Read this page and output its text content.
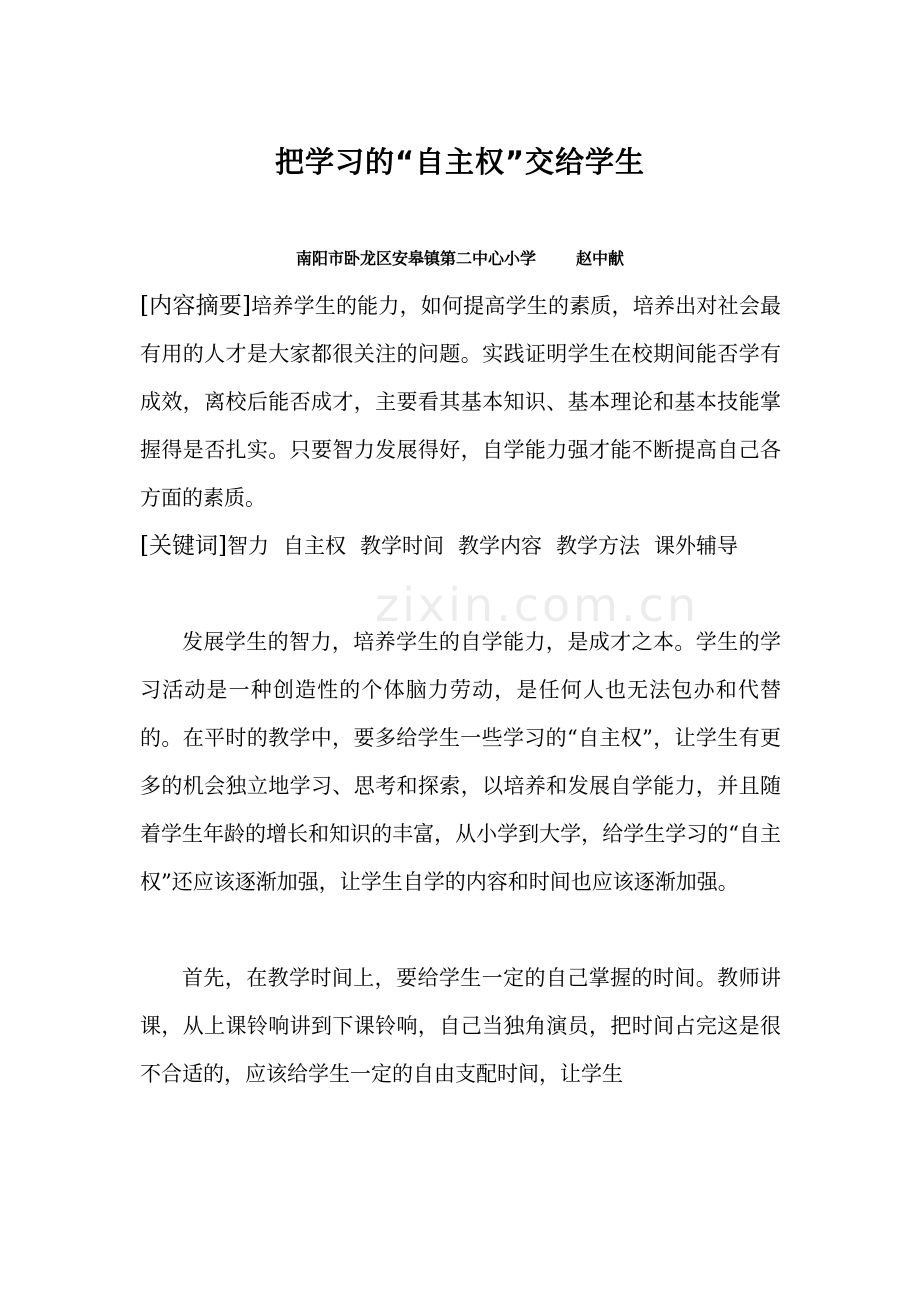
zixin.com.cn
把学习的“自主权”交给学生

南阳市卧龙区安皋镇第二中心小学	赵中献

[内容摘要]培养学生的能力，如何提高学生的素质，培养出对社会最有用的人才是大家都很关注的问题。实践证明学生在校期间能否学有成效，离校后能否成才，主要看其基本知识、基本理论和基本技能掌握得是否扎实。只要智力发展得好，自学能力强才能不断提高自己各方面的素质。

[关键词]智力 自主权 教学时间 教学内容 教学方法 课外辅导

发展学生的智力，培养学生的自学能力，是成才之本。学生的学习活动是一种创造性的个体脑力劳动，是任何人也无法包办和代替的。在平时的教学中，要多给学生一些学习的“自主权”，让学生有更多的机会独立地学习、思考和探索，以培养和发展自学能力，并且随着学生年龄的增长和知识的丰富，从小学到大学，给学生学习的“自主权”还应该逐渐加强，让学生自学的内容和时间也应该逐渐加强。

首先，在教学时间上，要给学生一定的自己掌握的时间。教师讲课，从上课铃响讲到下课铃响，自己当独角演员，把时间占完这是很不合适的，应该给学生一定的自由支配时间，让学生
